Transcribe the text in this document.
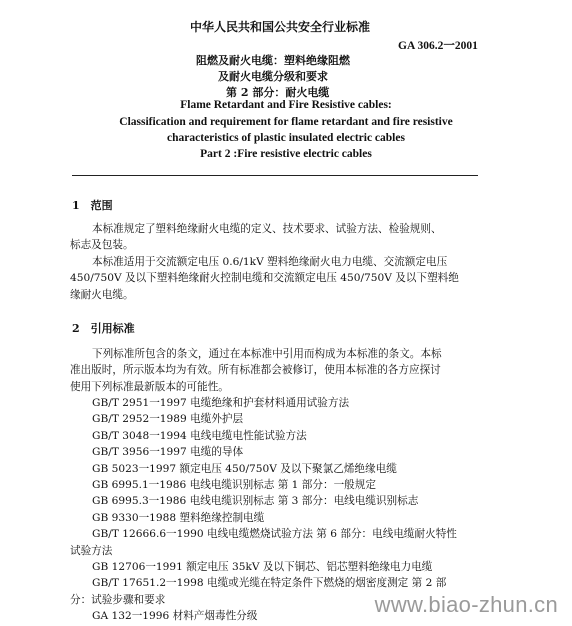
中华人民共和国公共安全行业标准
GA 306.2一2001
阻燃及耐火电缆：塑料绝缘阻燃
及耐火电缆分级和要求
第 2 部分：耐火电缆
Flame Retardant and Fire Resistive cables:
Classification and requirement for flame retardant and fire resistive
characteristics of plastic insulated electric cables
Part 2 :Fire resistive electric cables
1　范围
本标准规定了塑料绝缘耐火电缆的定义、技术要求、试验方法、检验规则、
标志及包装。
本标准适用于交流额定电压 0.6/1kV 塑料绝缘耐火电力电缆、交流额定电压
450/750V 及以下塑料绝缘耐火控制电缆和交流额定电压 450/750V 及以下塑料绝
缘耐火电缆。
2　引用标准
下列标准所包含的条文，通过在本标准中引用而构成为本标准的条文。本标
准出版时，所示版本均为有效。所有标准都会被修订，使用本标准的各方应探讨
使用下列标准最新版本的可能性。
GB/T 2951一1997 电缆绝缘和护套材料通用试验方法
GB/T 2952一1989 电缆外护层
GB/T 3048一1994 电线电缆电性能试验方法
GB/T 3956一1997 电缆的导体
GB 5023一1997 额定电压 450/750V 及以下聚氯乙烯绝缘电缆
GB 6995.1一1986 电线电缆识别标志 第 1 部分：一般规定
GB 6995.3一1986 电线电缆识别标志 第 3 部分：电线电缆识别标志
GB 9330一1988 塑料绝缘控制电缆
GB/T 12666.6一1990 电线电缆燃烧试验方法 第 6 部分：电线电缆耐火特性
试验方法
GB 12706一1991 额定电压 35kV 及以下铜芯、铝芯塑料绝缘电力电缆
GB/T 17651.2一1998 电缆或光缆在特定条件下燃烧的烟密度测定 第 2 部
分：试验步骤和要求
GA 132一1996 材料产烟毒性分级	www.biao-zhun.cn
